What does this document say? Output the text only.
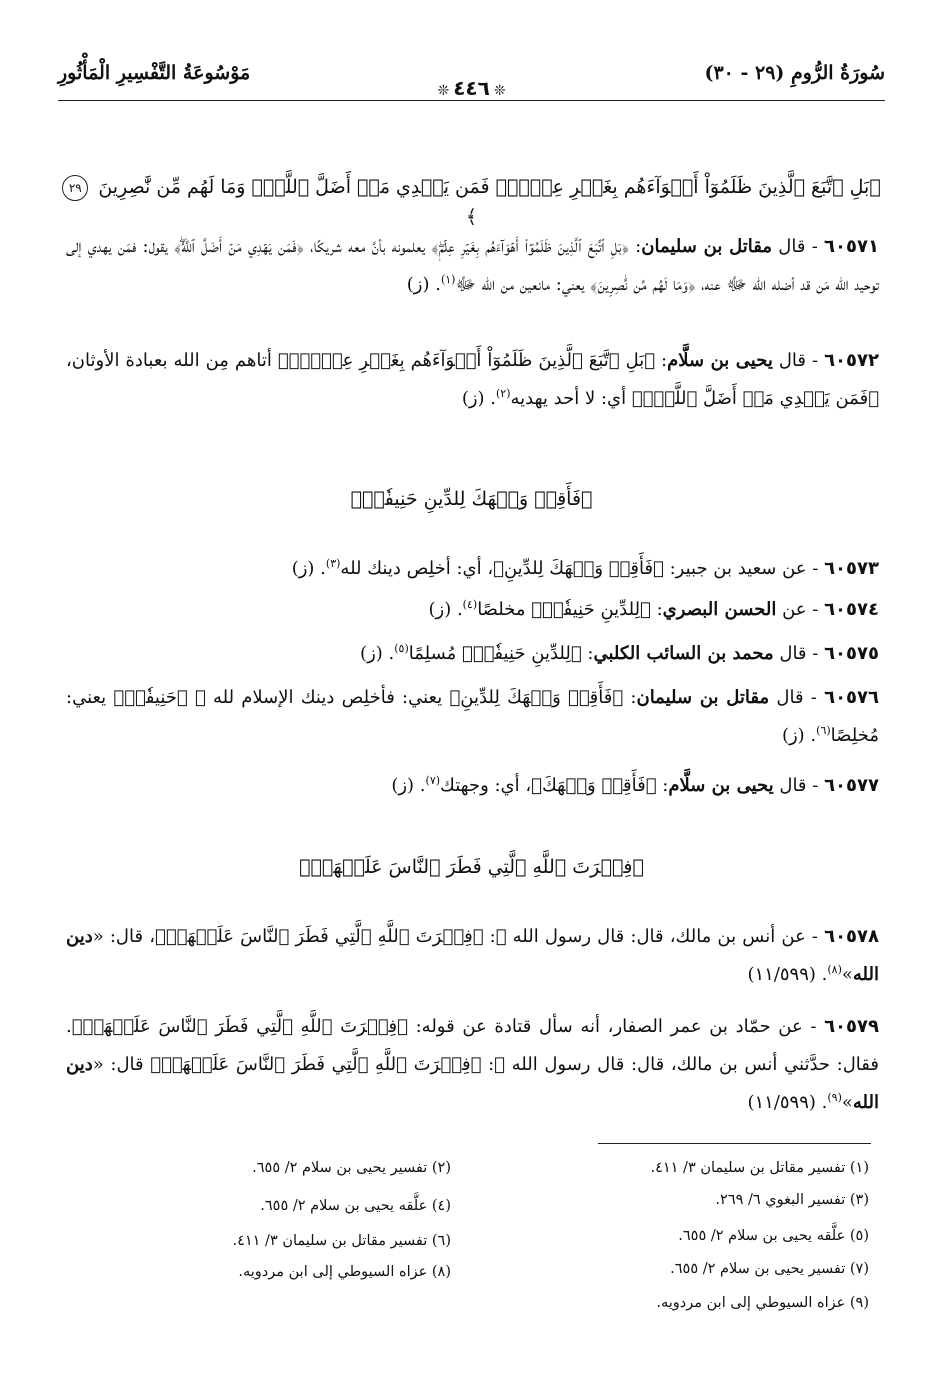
سُورَةُ الرُّومِ (٢٩ - ٣٠)
❊٤٤٦❊
مَوْسُوعَةُ التَّفْسِيرِ الْمَأْثُورِ
﴿بَلِ ٱتَّبَعَ ٱلَّذِينَ ظَلَمُوٓاْ أَهۡوَآءَهُم بِغَيۡرِ عِلۡمٖۖ فَمَن يَهۡدِي مَنۡ أَضَلَّ ٱللَّهُۖ وَمَا لَهُم مِّن نَّٰصِرِينَ ٢٩﴾
٦٠٥٧١ - قال مقاتل بن سليمان: ﴿بَلِ ٱتَّبَعَ ٱلَّذِينَ ظَلَمُوٓاْ أَهۡوَآءَهُم بِغَيۡرِ عِلۡمٖۖ﴾ يعلمونه بأنَّ معه شريكًا، ﴿فَمَن يَهۡدِي مَنۡ أَضَلَّ ٱللَّهُۖ﴾ يقول: فمَن يهدي إلى توحيد الله مَن قد أضله الله ﷻ عنه، ﴿وَمَا لَهُم مِّن نَّٰصِرِينَ﴾ يعني: مانعين من الله ﷻ$^{(١)}$. (ز)
٦٠٥٧٢ - قال يحيى بن سلَّام: ﴿بَلِ ٱتَّبَعَ ٱلَّذِينَ ظَلَمُوٓاْ أَهۡوَآءَهُم بِغَيۡرِ عِلۡمٖۖ﴾ أتاهم مِن الله بعبادة الأوثان، ﴿فَمَن يَهۡدِي مَنۡ أَضَلَّ ٱللَّهُۖ﴾ أي: لا أحد يهديه$^{(٢)}$. (ز)
﴿فَأَقِمۡ وَجۡهَكَ لِلدِّينِ حَنِيفٗاۚ﴾
٦٠٥٧٣ - عن سعيد بن جبير: ﴿فَأَقِمۡ وَجۡهَكَ لِلدِّينِ﴾، أي: أخلِص دينك لله$^{(٣)}$. (ز)
٦٠٥٧٤ - عن الحسن البصري: ﴿لِلدِّينِ حَنِيفٗاۚ﴾ مخلصًا$^{(٤)}$. (ز)
٦٠٥٧٥ - قال محمد بن السائب الكلبي: ﴿لِلدِّينِ حَنِيفٗاۚ﴾ مُسلِمًا$^{(٥)}$. (ز)
٦٠٥٧٦ - قال مقاتل بن سليمان: ﴿فَأَقِمۡ وَجۡهَكَ لِلدِّينِ﴾ يعني: فأخلِص دينك الإسلام لله ﷻ ﴿حَنِيفٗاۚ﴾ يعني: مُخلِصًا$^{(٦)}$. (ز)
٦٠٥٧٧ - قال يحيى بن سلَّام: ﴿فَأَقِمۡ وَجۡهَكَ﴾، أي: وجهتك$^{(٧)}$. (ز)
﴿فِطۡرَتَ ٱللَّهِ ٱلَّتِي فَطَرَ ٱلنَّاسَ عَلَيۡهَاۚ﴾
٦٠٥٧٨ - عن أنس بن مالك، قال: قال رسول الله ﷺ: ﴿فِطۡرَتَ ٱللَّهِ ٱلَّتِي فَطَرَ ٱلنَّاسَ عَلَيۡهَاۚ﴾، قال: «دين الله»$^{(٨)}$. (١١/٥٩٩)
٦٠٥٧٩ - عن حمّاد بن عمر الصفار، أنه سأل قتادة عن قوله: ﴿فِطۡرَتَ ٱللَّهِ ٱلَّتِي فَطَرَ ٱلنَّاسَ عَلَيۡهَاۚ﴾. فقال: حدَّثني أنس بن مالك، قال: قال رسول الله ﷺ: ﴿فِطۡرَتَ ٱللَّهِ ٱلَّتِي فَطَرَ ٱلنَّاسَ عَلَيۡهَاۚ﴾ قال: «دين الله»$^{(٩)}$. (١١/٥٩٩)
(١) تفسير مقاتل بن سليمان ٣/ ٤١١.
(٢) تفسير يحيى بن سلام ٢/ ٦٥٥.
(٣) تفسير البغوي ٦/ ٢٦٩.
(٤) علَّقه يحيى بن سلام ٢/ ٦٥٥.
(٥) علَّقه يحيى بن سلام ٢/ ٦٥٥.
(٦) تفسير مقاتل بن سليمان ٣/ ٤١١.
(٧) تفسير يحيى بن سلام ٢/ ٦٥٥.
(٨) عزاه السيوطي إلى ابن مردويه.
(٩) عزاه السيوطي إلى ابن مردويه.
